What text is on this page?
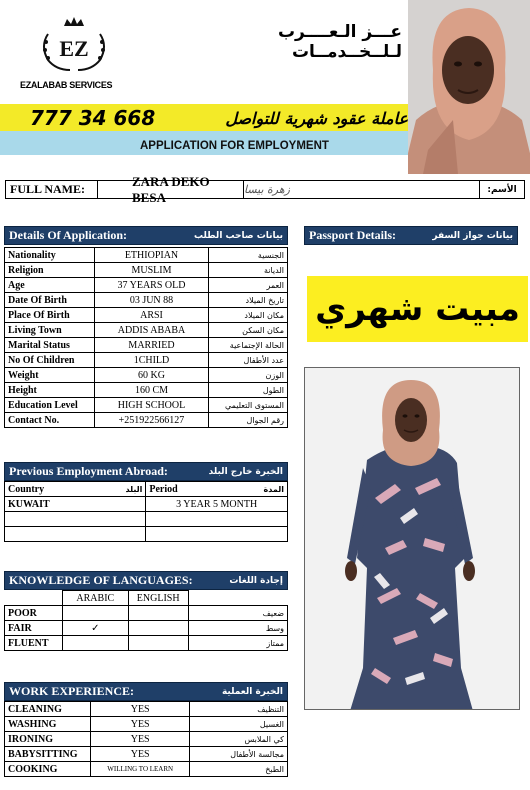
EZ
EZALABAB SERVICES
عـــز الـعــــرب لـلــخــدمــات
777 34 668	عاملة عقود شهرية للتواصل
APPLICATION FOR EMPLOYMENT
FULL NAME:
ZARA DEKO BESA	زهرة بيسا	الأسم:
Details Of Application:	بيانات صاحب الطلب
Nationality	ETHIOPIAN	الجنسية
Religion	MUSLIM	الديانة
Age	37 YEARS OLD	العمر
Date Of Birth	03 JUN 88	تاريخ الميلاد
Place Of Birth	ARSI	مكان الميلاد
Living Town	ADDIS ABABA	مكان السكن
Marital Status	MARRIED	الحالة الإجتماعية
No Of Children	1CHILD	عدد الأطفال
Weight	60 KG	الوزن
Height	160 CM	الطول
Education Level	HIGH SCHOOL	المستوى التعليمي
Contact No.	+251922566127	رقم الجوال
Passport Details:	بيانات جواز السفر
مبيت شهري
Previous Employment Abroad:	الخبرة خارج البلد
Country البلد	Period المدة

KUWAIT	3 YEAR 5 MONTH

KNOWLEDGE OF LANGUAGES:	إجادة اللغات
	ARABIC	ENGLISH	
POOR			ضعيف
FAIR	✓		وسط
FLUENT			ممتاز
WORK EXPERIENCE:	الخبرة العملية
CLEANING	YES	التنظيف
WASHING	YES	الغسيل
IRONING	YES	كي الملابس
BABYSITTING	YES	مجالسة الأطفال
COOKING	WILLING TO LEARN	الطبخ
